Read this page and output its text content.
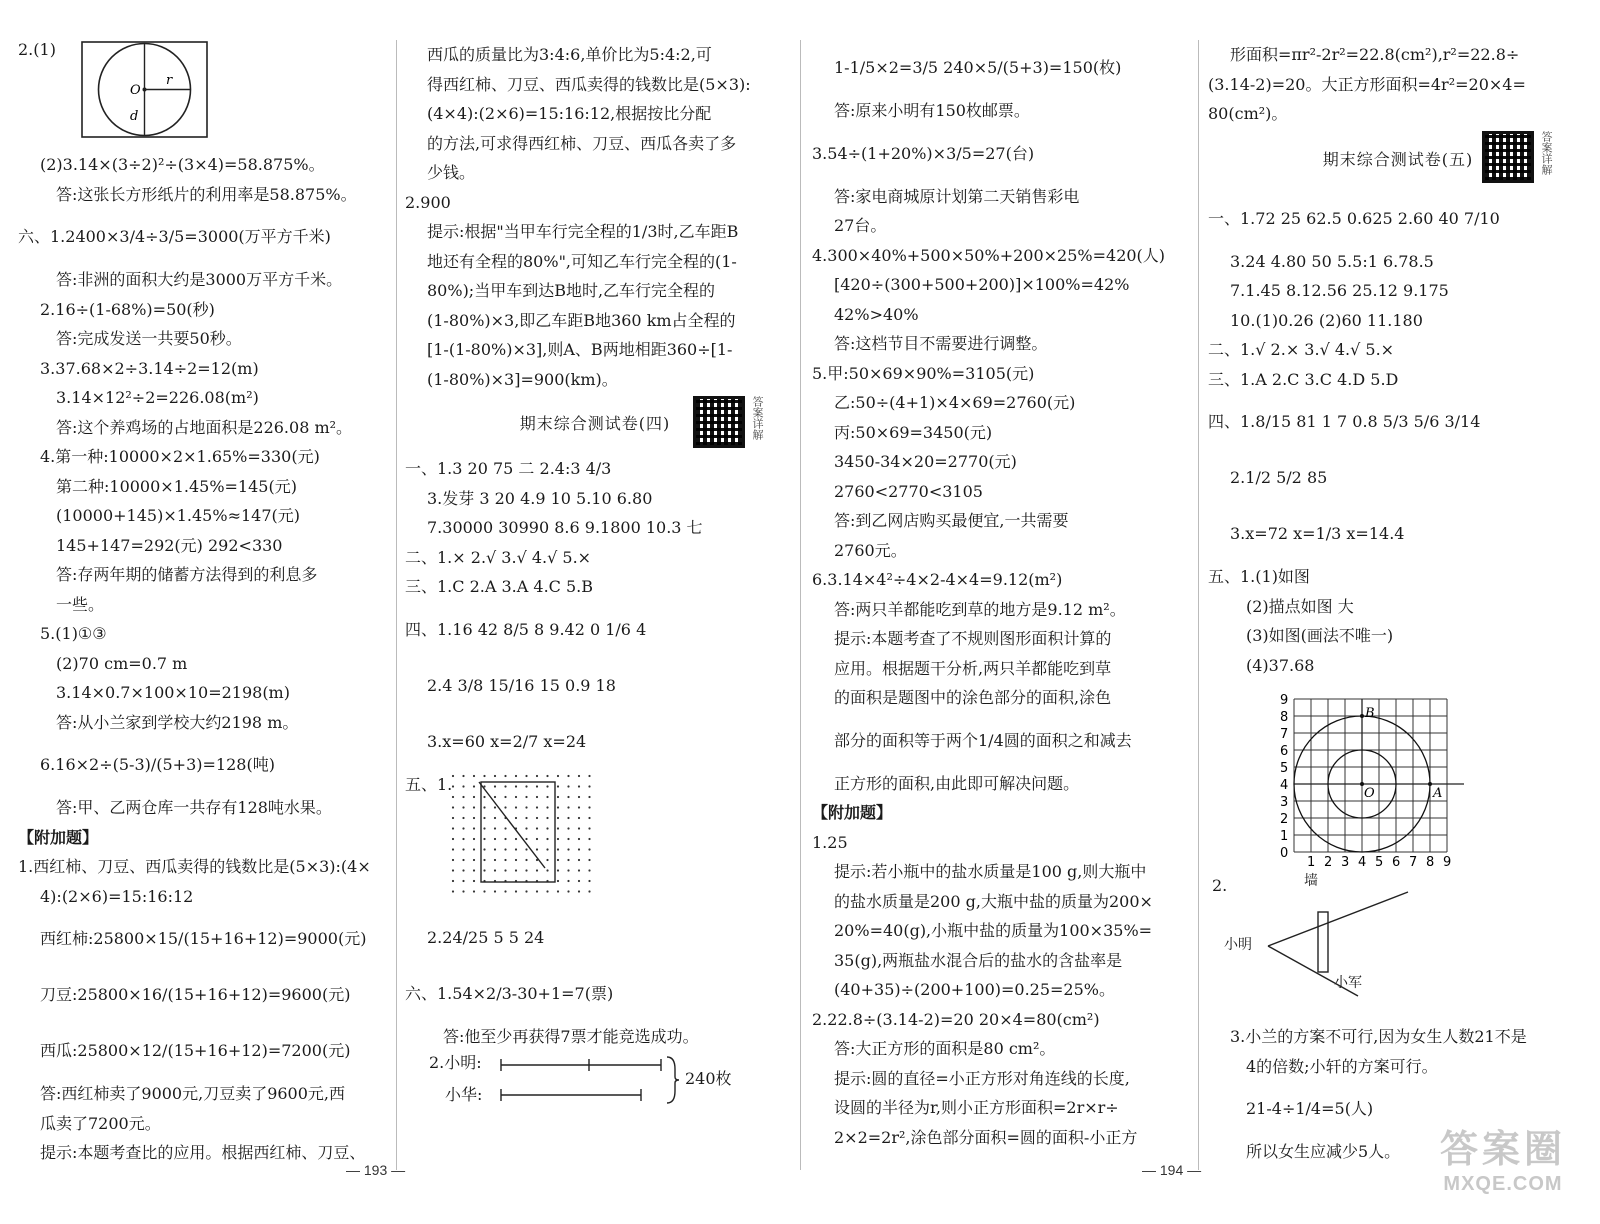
2.(1)
O
r
d
(2)3.14×(3÷2)²÷(3×4)=58.875%。
答:这张长方形纸片的利用率是58.875%。
六、1.2400×3/4÷3/5=3000(万平方千米)
答:非洲的面积大约是3000万平方千米。
2.16÷(1-68%)=50(秒)
答:完成发送一共要50秒。
3.37.68×2÷3.14÷2=12(m)
3.14×12²÷2=226.08(m²)
答:这个养鸡场的占地面积是226.08 m²。
4.第一种:10000×2×1.65%=330(元)
第二种:10000×1.45%=145(元)
(10000+145)×1.45%≈147(元)
145+147=292(元) 292<330
答:存两年期的储蓄方法得到的利息多
一些。
5.(1)①③
(2)70 cm=0.7 m
3.14×0.7×100×10=2198(m)
答:从小兰家到学校大约2198 m。
6.16×2÷(5-3)/(5+3)=128(吨)
答:甲、乙两仓库一共存有128吨水果。
【附加题】
1.西红柿、刀豆、西瓜卖得的钱数比是(5×3):(4×
4):(2×6)=15:16:12
西红柿:25800×15/(15+16+12)=9000(元)
刀豆:25800×16/(15+16+12)=9600(元)
西瓜:25800×12/(15+16+12)=7200(元)
答:西红柿卖了9000元,刀豆卖了9600元,西
瓜卖了7200元。
提示:本题考查比的应用。根据西红柿、刀豆、
西瓜的质量比为3:4:6,单价比为5:4:2,可
得西红柿、刀豆、西瓜卖得的钱数比是(5×3):
(4×4):(2×6)=15:16:12,根据按比分配
的方法,可求得西红柿、刀豆、西瓜各卖了多
少钱。
2.900
提示:根据"当甲车行完全程的1/3时,乙车距B
地还有全程的80%",可知乙车行完全程的(1-
80%);当甲车到达B地时,乙车行完全程的
(1-80%)×3,即乙车距B地360 km占全程的
[1-(1-80%)×3],则A、B两地相距360÷[1-
(1-80%)×3]=900(km)。
期末综合测试卷(四)	答案详解
一、1.3 20 75 二 2.4:3 4/3
3.发芽 3 20 4.9 10 5.10 6.80
7.30000 30990 8.6 9.1800 10.3 七
二、1.× 2.√ 3.√ 4.√ 5.×
三、1.C 2.A 3.A 4.C 5.B
四、1.16 42 8/5 8 9.42 0 1/6 4
2.4 3/8 15/16 15 0.9 18
3.x=60 x=2/7 x=24
五、1.
2.24/25 5 5 24
六、1.54×2/3-30+1=7(票)
答:他至少再获得7票才能竞选成功。
2.小明:
小华:
240枚
1-1/5×2=3/5 240×5/(5+3)=150(枚)
答:原来小明有150枚邮票。
3.54÷(1+20%)×3/5=27(台)
答:家电商城原计划第二天销售彩电
27台。
4.300×40%+500×50%+200×25%=420(人)
[420÷(300+500+200)]×100%=42%
42%>40%
答:这档节目不需要进行调整。
5.甲:50×69×90%=3105(元)
乙:50÷(4+1)×4×69=2760(元)
丙:50×69=3450(元)
3450-34×20=2770(元)
2760<2770<3105
答:到乙网店购买最便宜,一共需要
2760元。
6.3.14×4²÷4×2-4×4=9.12(m²)
答:两只羊都能吃到草的地方是9.12 m²。
提示:本题考查了不规则图形面积计算的
应用。根据题干分析,两只羊都能吃到草
的面积是题图中的涂色部分的面积,涂色
部分的面积等于两个1/4圆的面积之和减去
正方形的面积,由此即可解决问题。
【附加题】
1.25
提示:若小瓶中的盐水质量是100 g,则大瓶中
的盐水质量是200 g,大瓶中盐的质量为200×
20%=40(g),小瓶中盐的质量为100×35%=
35(g),两瓶盐水混合后的盐水的含盐率是
(40+35)÷(200+100)=0.25=25%。
2.22.8÷(3.14-2)=20 20×4=80(cm²)
答:大正方形的面积是80 cm²。
提示:圆的直径=小正方形对角连线的长度,
设圆的半径为r,则小正方形面积=2r×r÷
2×2=2r²,涂色部分面积=圆的面积-小正方
形面积=πr²-2r²=22.8(cm²),r²=22.8÷
(3.14-2)=20。大正方形面积=4r²=20×4=
80(cm²)。
期末综合测试卷(五)	答案详解
一、1.72 25 62.5 0.625 2.60 40 7/10
3.24 4.80 50 5.5:1 6.78.5
7.1.45 8.12.56 25.12 9.175
10.(1)0.26 (2)60 11.180
二、1.√ 2.× 3.√ 4.√ 5.×
三、1.A 2.C 3.C 4.D 5.D
四、1.8/15 81 1 7 0.8 5/3 5/6 3/14
2.1/2 5/2 85
3.x=72 x=1/3 x=14.4
五、1.(1)如图
(2)描点如图 大
(3)如图(画法不唯一)
(4)37.68
9
8
7
6
5
4
3
2
1
0
1 2 3 4 5 6 7 8 9
O	A
B
2.	墙
小明
小军
3.小兰的方案不可行,因为女生人数21不是
4的倍数;小轩的方案可行。
21-4÷1/4=5(人)
所以女生应减少5人。
— 193 —	— 194 —	答案圈
MXQE.COM
